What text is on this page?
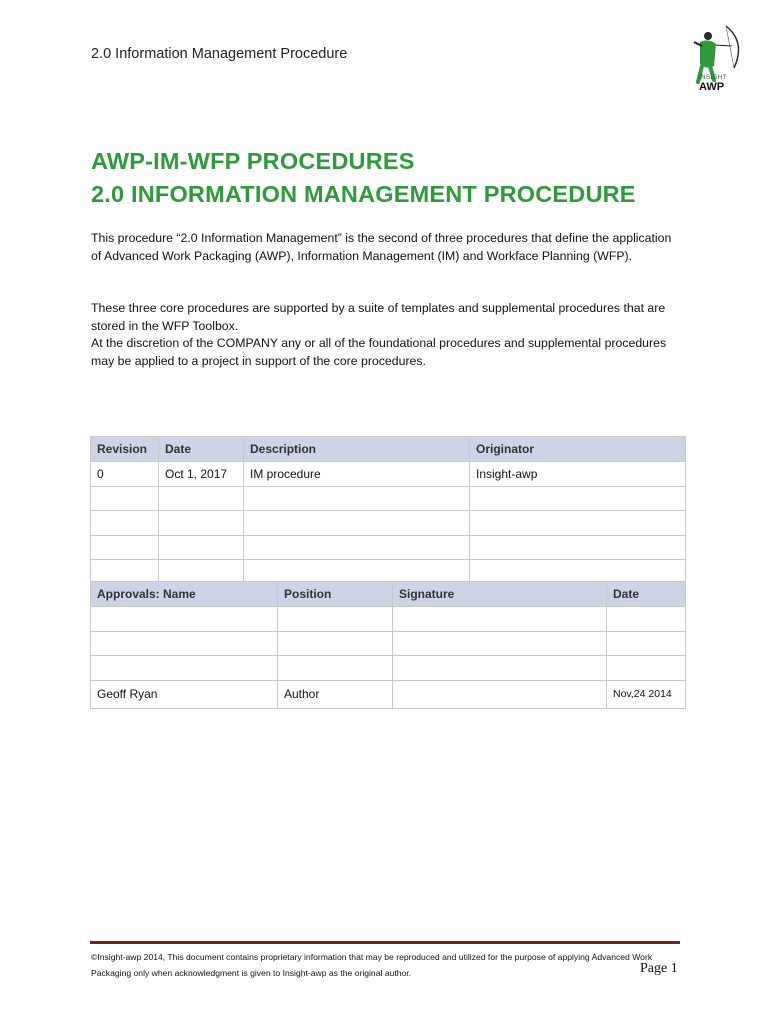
2.0 Information Management Procedure
INSIGHT
AWP
AWP-IM-WFP PROCEDURES
2.0 INFORMATION MANAGEMENT PROCEDURE
This procedure “2.0 Information Management” is the second of three procedures that define the application of Advanced Work Packaging (AWP), Information Management (IM) and Workface Planning (WFP).
These three core procedures are supported by a suite of templates and supplemental procedures that are stored in the WFP Toolbox.
At the discretion of the COMPANY any or all of the foundational procedures and supplemental procedures may be applied to a project in support of the core procedures.
Revision	Date	Description	Originator
0	Oct 1, 2017	IM procedure	Insight-awp

Approvals: Name	Position	Signature	Date

Geoff Ryan	Author		Nov,24 2014
©Insight-awp 2014, This document contains proprietary information that may be reproduced and utilized for the purpose of applying Advanced Work Packaging only when acknowledgment is given to Insight-awp as the original author.	Page 1
